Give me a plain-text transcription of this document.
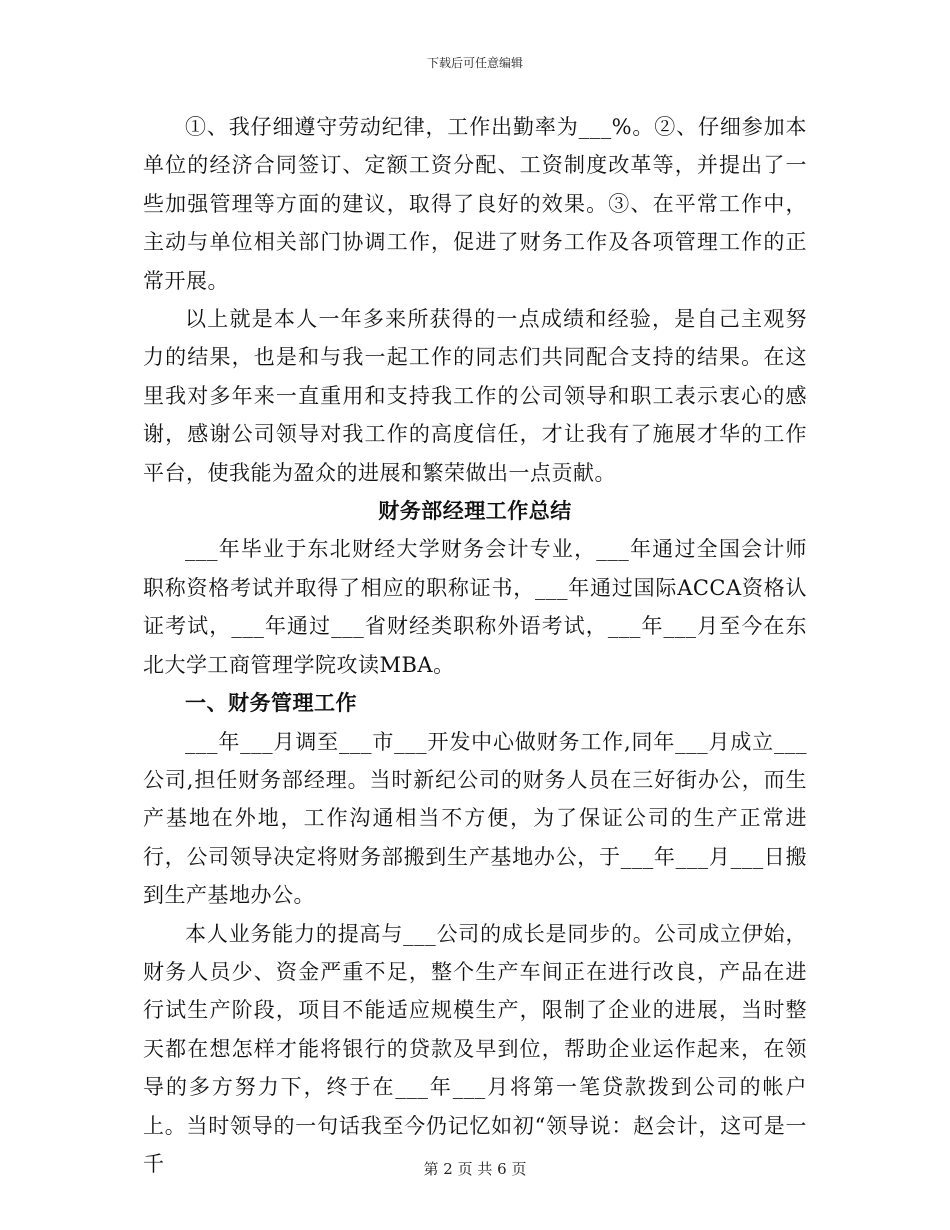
下载后可任意编辑

①、我仔细遵守劳动纪律，工作出勤率为___%。②、仔细参加本单位的经济合同签订、定额工资分配、工资制度改革等，并提出了一些加强管理等方面的建议，取得了良好的效果。③、在平常工作中，主动与单位相关部门协调工作，促进了财务工作及各项管理工作的正常开展。

以上就是本人一年多来所获得的一点成绩和经验，是自己主观努力的结果，也是和与我一起工作的同志们共同配合支持的结果。在这里我对多年来一直重用和支持我工作的公司领导和职工表示衷心的感谢，感谢公司领导对我工作的高度信任，才让我有了施展才华的工作平台，使我能为盈众的进展和繁荣做出一点贡献。

财务部经理工作总结

___年毕业于东北财经大学财务会计专业，___年通过全国会计师职称资格考试并取得了相应的职称证书，___年通过国际ACCA资格认证考试，___年通过___省财经类职称外语考试，___年___月至今在东北大学工商管理学院攻读MBA。

一、财务管理工作

___年___月调至___市___开发中心做财务工作,同年___月成立___公司,担任财务部经理。当时新纪公司的财务人员在三好街办公，而生产基地在外地，工作沟通相当不方便，为了保证公司的生产正常进行，公司领导决定将财务部搬到生产基地办公，于___年___月___日搬到生产基地办公。

本人业务能力的提高与___公司的成长是同步的。公司成立伊始，财务人员少、资金严重不足，整个生产车间正在进行改良，产品在进行试生产阶段，项目不能适应规模生产，限制了企业的进展，当时整天都在想怎样才能将银行的贷款及早到位，帮助企业运作起来，在领导的多方努力下，终于在___年___月将第一笔贷款拨到公司的帐户上。当时领导的一句话我至今仍记忆如初“领导说：赵会计，这可是一千	第 2 页 共 6 页
